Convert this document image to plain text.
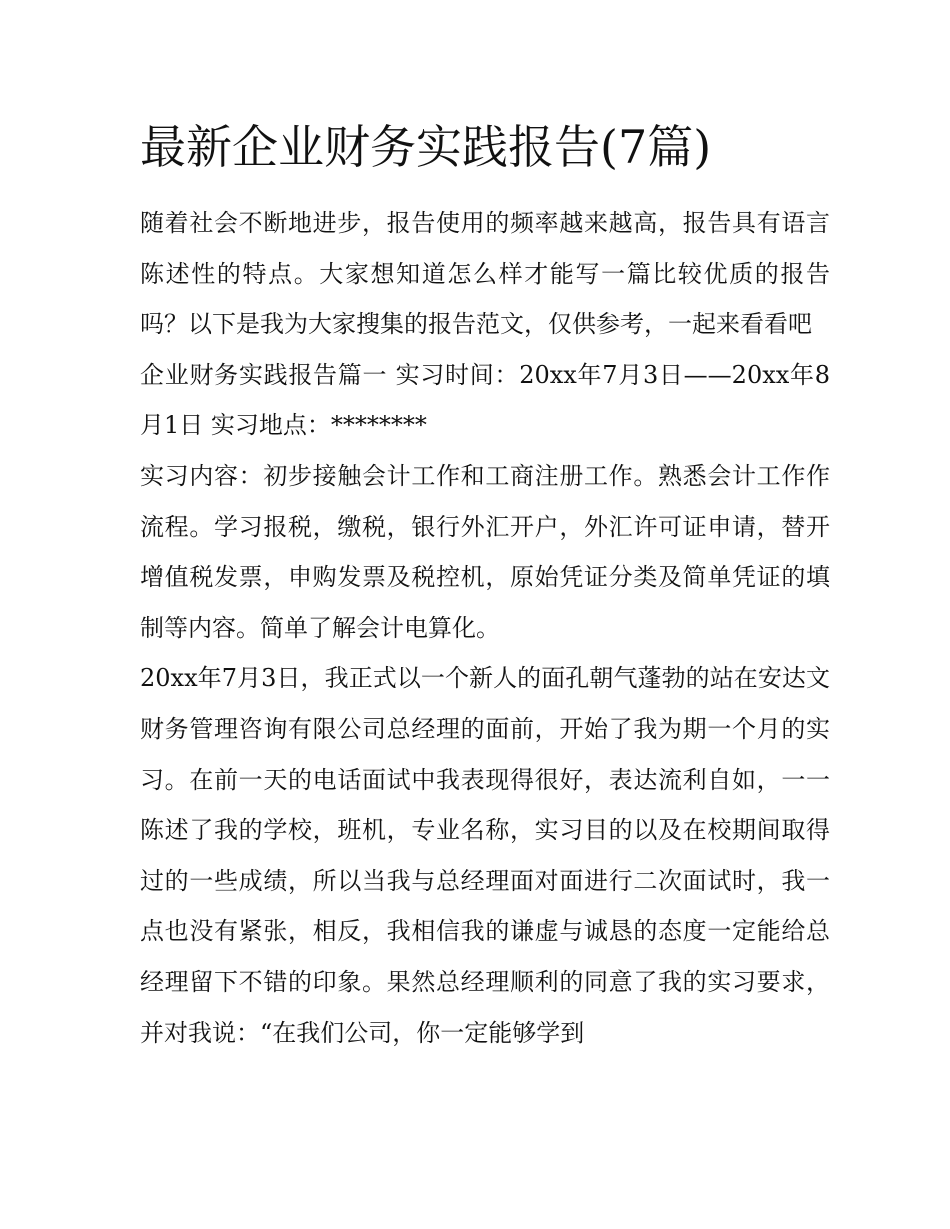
最新企业财务实践报告(7篇)

随着社会不断地进步，报告使用的频率越来越高，报告具有语言陈述性的特点。大家想知道怎么样才能写一篇比较优质的报告吗？以下是我为大家搜集的报告范文，仅供参考，一起来看看吧

企业财务实践报告篇一 实习时间：20xx年7月3日——20xx年8月1日 实习地点：********

实习内容：初步接触会计工作和工商注册工作。熟悉会计工作作流程。学习报税，缴税，银行外汇开户，外汇许可证申请，替开增值税发票，申购发票及税控机，原始凭证分类及简单凭证的填制等内容。简单了解会计电算化。

20xx年7月3日，我正式以一个新人的面孔朝气蓬勃的站在安达文财务管理咨询有限公司总经理的面前，开始了我为期一个月的实习。在前一天的电话面试中我表现得很好，表达流利自如，一一陈述了我的学校，班机，专业名称，实习目的以及在校期间取得过的一些成绩，所以当我与总经理面对面进行二次面试时，我一点也没有紧张，相反，我相信我的谦虚与诚恳的态度一定能给总经理留下不错的印象。果然总经理顺利的同意了我的实习要求，并对我说：“在我们公司，你一定能够学到
